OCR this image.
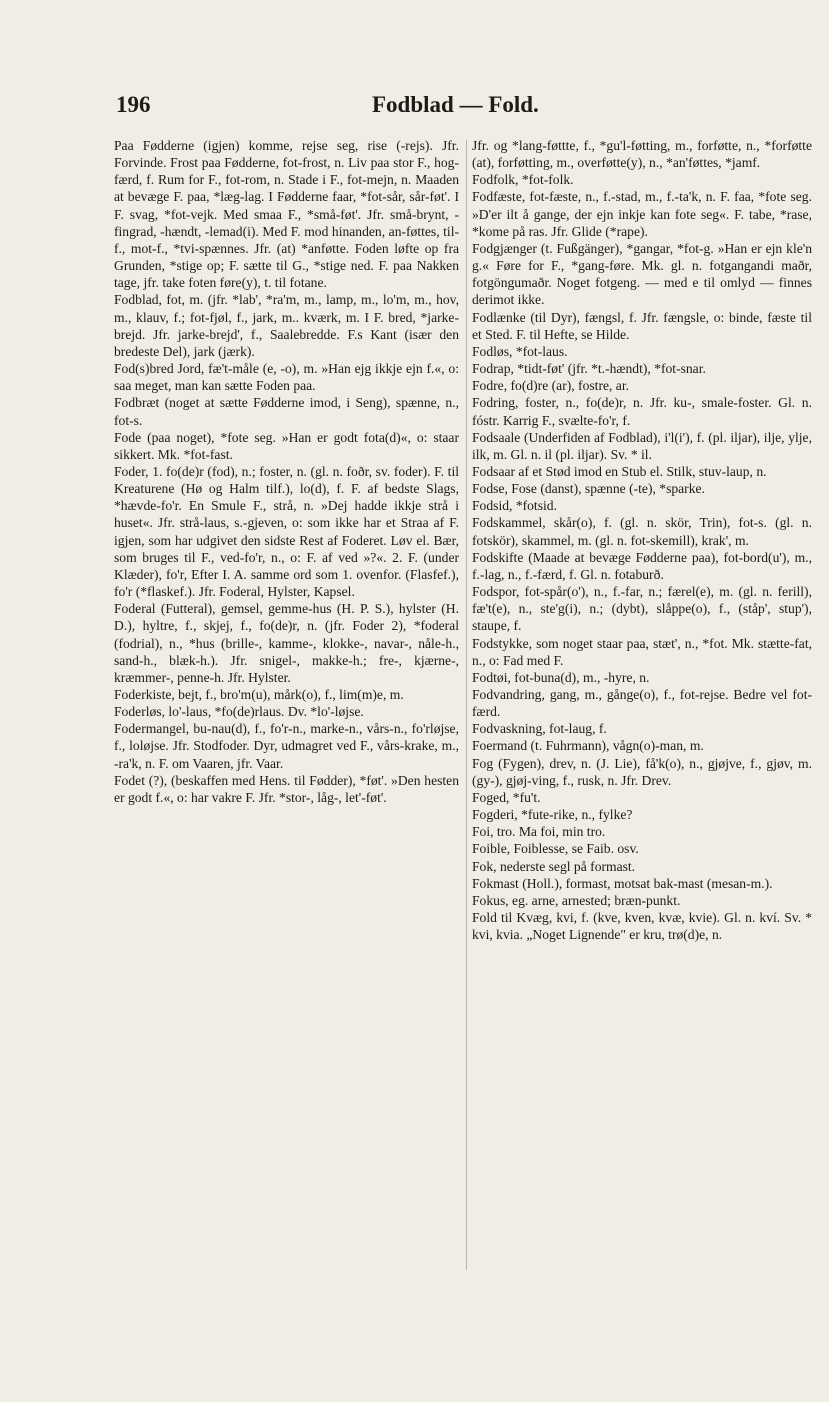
196	Fodblad — Fold.

Paa Fødderne (igjen) komme, rejse seg, rise (-rejs). Jfr. Forvinde. Frost paa Fødderne, fot-frost, n. Liv paa stor F., hog-færd, f. Rum for F., fot-rom, n. Stade i F., fot-mejn, n. Maaden at bevæge F. paa, *læg-lag. I Fødderne faar, *fot-sår, sår-føt'. I F. svag, *fot-vejk. Med smaa F., *små-føt'. Jfr. små-brynt, -fingrad, -hændt, -lemad(i). Med F. mod hinanden, an-føttes, til-f., mot-f., *tvi-spænnes. Jfr. (at) *anføtte. Foden løfte op fra Grunden, *stige op; F. sætte til G., *stige ned. F. paa Nakken tage, jfr. take foten føre(y), t. til fotane.

Fodblad, fot, m. (jfr. *lab', *ra'm, m., lamp, m., lo'm, m., hov, m., klauv, f.; fot-fjøl, f., jark, m.. kværk, m. I F. bred, *jarke-brejd. Jfr. jarke-brejd', f., Saalebredde. F.s Kant (især den bredeste Del), jark (jærk).

Fod(s)bred Jord, fæ't-måle (e, -o), m. »Han ejg ikkje ejn f.«, o: saa meget, man kan sætte Foden paa.

Fodbræt (noget at sætte Fødderne imod, i Seng), spænne, n., fot-s.

Fode (paa noget), *fote seg. »Han er godt fota(d)«, o: staar sikkert. Mk. *fot-fast.

Foder, 1. fo(de)r (fod), n.; foster, n. (gl. n. foðr, sv. foder). F. til Kreaturene (Hø og Halm tilf.), lo(d), f. F. af bedste Slags, *hævde-fo'r. En Smule F., strå, n. »Dej hadde ikkje strå i huset«. Jfr. strå-laus, s.-gjeven, o: som ikke har et Straa af F. igjen, som har udgivet den sidste Rest af Foderet. Løv el. Bær, som bruges til F., ved-fo'r, n., o: F. af ved »?«. 2. F. (under Klæder), fo'r, Efter I. A. samme ord som 1. ovenfor. (Flasfef.), fo'r (*flaskef.). Jfr. Foderal, Hylster, Kapsel.

Foderal (Futteral), gemsel, gemme-hus (H. P. S.), hylster (H. D.), hyltre, f., skjej, f., fo(de)r, n. (jfr. Foder 2), *foderal (fodrial), n., *hus (brille-, kamme-, klokke-, navar-, nåle-h., sand-h., blæk-h.). Jfr. snigel-, makke-h.; fre-, kjærne-, kræmmer-, penne-h. Jfr. Hylster.

Foderkiste, bejt, f., bro'm(u), mårk(o), f., lim(m)e, m.

Foderløs, lo'-laus, *fo(de)rlaus. Dv. *lo'-løjse.

Fodermangel, bu-nau(d), f., fo'r-n., marke-n., vårs-n., fo'rløjse, f., loløjse. Jfr. Stodfoder. Dyr, udmagret ved F., vårs-krake, m., -ra'k, n. F. om Vaaren, jfr. Vaar.

Fodet (?), (beskaffen med Hens. til Fødder), *føt'. »Den hesten er godt f.«, o: har vakre F. Jfr. *stor-, låg-, let'-føt'.

Jfr. og *lang-føttte, f., *gu'l-føtting, m., forføtte, n., *forføtte (at), forføtting, m., overføtte(y), n., *an'føttes, *jamf.

Fodfolk, *fot-folk.

Fodfæste, fot-fæste, n., f.-stad, m., f.-ta'k, n. F. faa, *fote seg. »D'er ilt å gange, der ejn inkje kan fote seg«. F. tabe, *rase, *kome på ras. Jfr. Glide (*rape).

Fodgjænger (t. Fußgänger), *gangar, *fot-g. »Han er ejn kle'n g.« Føre for F., *gang-føre. Mk. gl. n. fotgangandi maðr, fotgöngumaðr. Noget fotgeng. — med e til omlyd — finnes derimot ikke.

Fodlænke (til Dyr), fængsl, f. Jfr. fængsle, o: binde, fæste til et Sted. F. til Hefte, se Hilde.

Fodløs, *fot-laus.

Fodrap, *tidt-føt' (jfr. *t.-hændt), *fot-snar.

Fodre, fo(d)re (ar), fostre, ar.

Fodring, foster, n., fo(de)r, n. Jfr. ku-, smale-foster. Gl. n. fóstr. Karrig F., svælte-fo'r, f.

Fodsaale (Underfiden af Fodblad), i'l(i'), f. (pl. iljar), ilje, ylje, ilk, m. Gl. n. il (pl. iljar). Sv. * il.

Fodsaar af et Stød imod en Stub el. Stilk, stuv-laup, n.

Fodse, Fose (danst), spænne (-te), *sparke.

Fodsid, *fotsid.

Fodskammel, skår(o), f. (gl. n. skör, Trin), fot-s. (gl. n. fotskör), skammel, m. (gl. n. fot-skemill), krak', m.

Fodskifte (Maade at bevæge Fødderne paa), fot-bord(u'), m., f.-lag, n., f.-færd, f. Gl. n. fotaburð.

Fodspor, fot-spår(o'), n., f.-far, n.; færel(e), m. (gl. n. ferill), fæ't(e), n., ste'g(i), n.; (dybt), slåppe(o), f., (ståp', stup'), staupe, f.

Fodstykke, som noget staar paa, stæt', n., *fot. Mk. stætte-fat, n., o: Fad med F.

Fodtøi, fot-buna(d), m., -hyre, n.

Fodvandring, gang, m., gånge(o), f., fot-rejse. Bedre vel fot-færd.

Fodvaskning, fot-laug, f.

Foermand (t. Fuhrmann), vågn(o)-man, m.

Fog (Fygen), drev, n. (J. Lie), få'k(o), n., gjøjve, f., gjøv, m. (gy-), gjøj-ving, f., rusk, n. Jfr. Drev.

Foged, *fu't.

Fogderi, *fute-rike, n., fylke?

Foi, tro. Ma foi, min tro.

Foible, Foiblesse, se Faib. osv.

Fok, nederste segl på formast.

Fokmast (Holl.), formast, motsat bak-mast (mesan-m.).

Fokus, eg. arne, arnested; bræn-punkt.

Fold til Kvæg, kvi, f. (kve, kven, kvæ, kvie). Gl. n. kví. Sv. * kvi, kvia. „Noget Lignende" er kru, trø(d)e, n.
